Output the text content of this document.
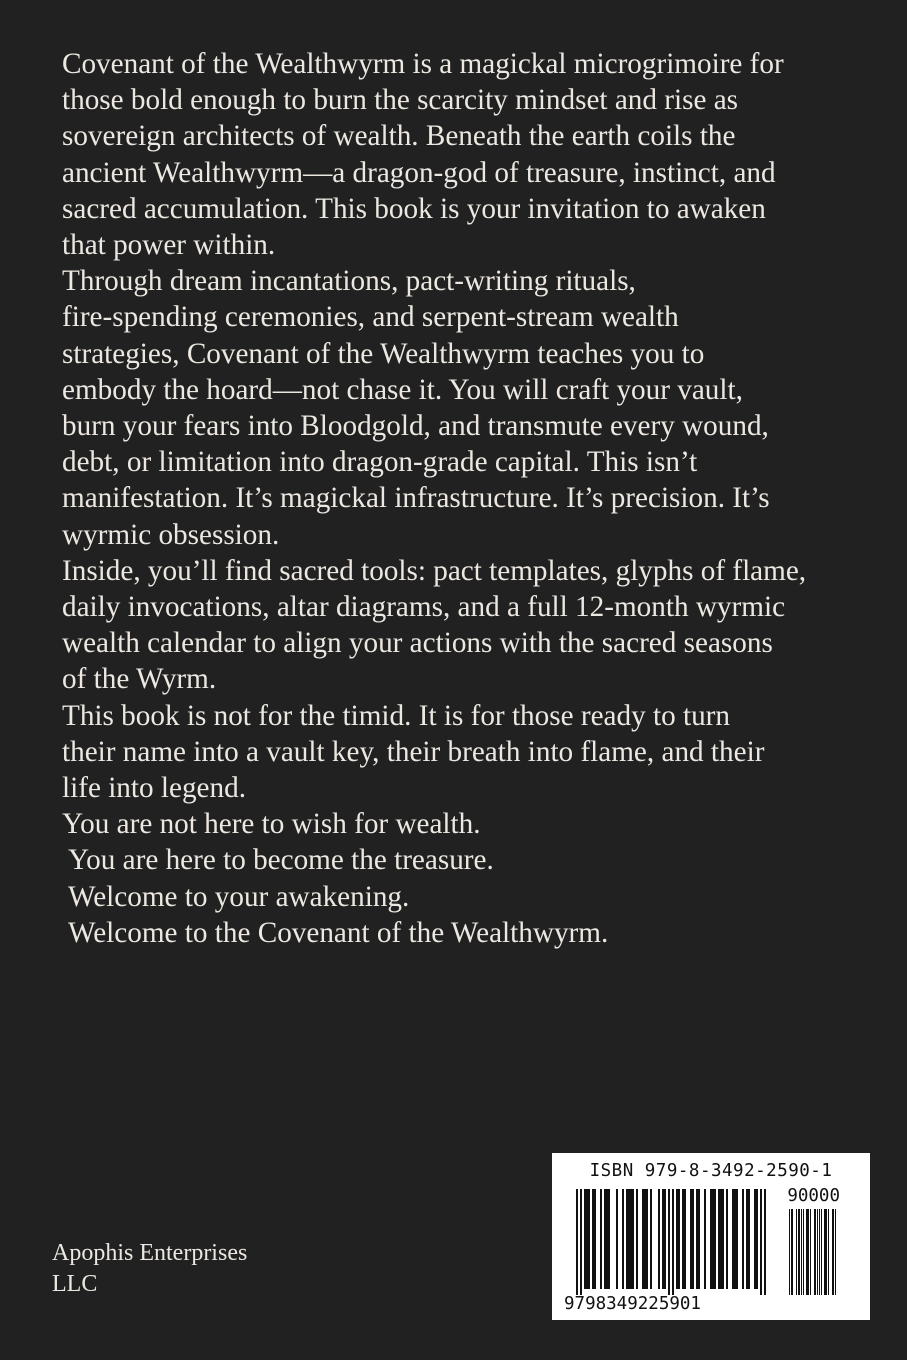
Covenant of the Wealthwyrm is a magickal microgrimoire for
those bold enough to burn the scarcity mindset and rise as
sovereign architects of wealth. Beneath the earth coils the
ancient Wealthwyrm—a dragon-god of treasure, instinct, and
sacred accumulation. This book is your invitation to awaken
that power within.

Through dream incantations, pact-writing rituals,
fire-spending ceremonies, and serpent-stream wealth
strategies, Covenant of the Wealthwyrm teaches you to
embody the hoard—not chase it. You will craft your vault,
burn your fears into Bloodgold, and transmute every wound,
debt, or limitation into dragon-grade capital. This isn’t
manifestation. It’s magickal infrastructure. It’s precision. It’s
wyrmic obsession.

Inside, you’ll find sacred tools: pact templates, glyphs of flame,
daily invocations, altar diagrams, and a full 12-month wyrmic
wealth calendar to align your actions with the sacred seasons
of the Wyrm.

This book is not for the timid. It is for those ready to turn
their name into a vault key, their breath into flame, and their
life into legend.

You are not here to wish for wealth.
You are here to become the treasure.
Welcome to your awakening.
Welcome to the Covenant of the Wealthwyrm.
Apophis Enterprises
LLC
ISBN 979-8-3492-2590-1
90000
9798349225901
